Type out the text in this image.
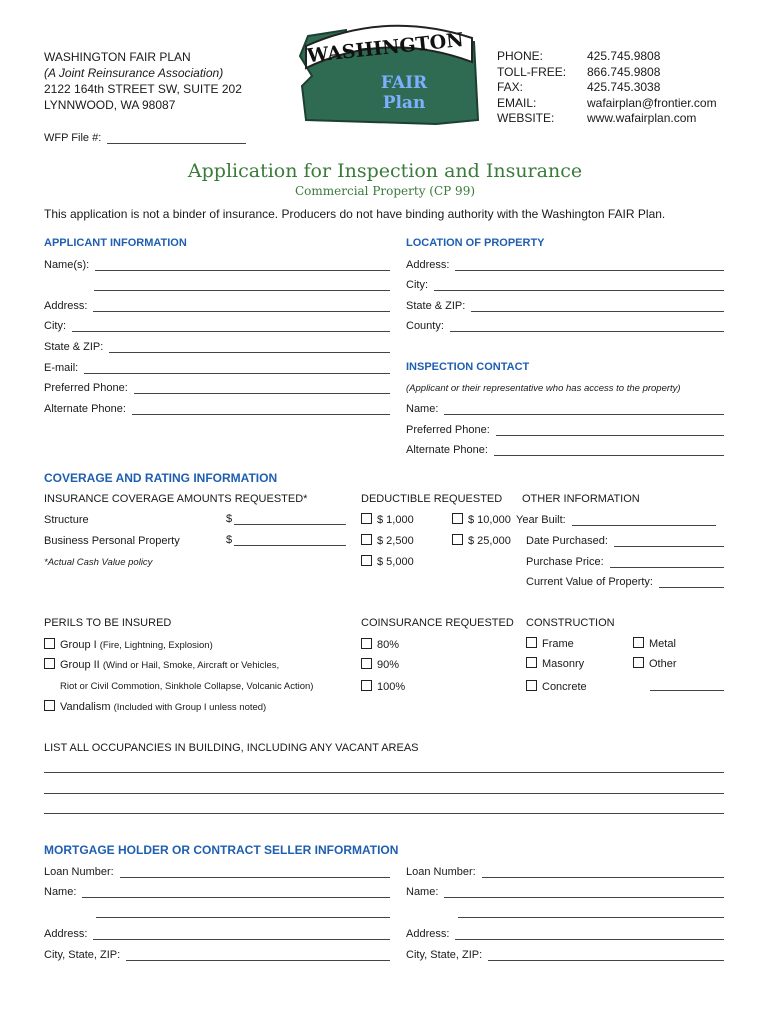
WASHINGTON FAIR PLAN
(A Joint Reinsurance Association)
2122 164th STREET SW, SUITE 202
LYNNWOOD, WA 98087
WASHINGTON
FAIR
Plan
PHONE:	425.745.9808
TOLL-FREE:	866.745.9808
FAX:	425.745.3038
EMAIL:	wafairplan@frontier.com
WEBSITE:	www.wafairplan.com
WFP File #:
Application for Inspection and Insurance
Commercial Property (CP 99)
This application is not a binder of insurance. Producers do not have binding authority with the Washington FAIR Plan.
APPLICANT INFORMATION
Name(s):
Address:
City:
State & ZIP:
E-mail:
Preferred Phone:
Alternate Phone:
LOCATION OF PROPERTY
Address:
City:
State & ZIP:
County:
INSPECTION CONTACT
(Applicant or their representative who has access to the property)
Name:
Preferred Phone:
Alternate Phone:
COVERAGE AND RATING INFORMATION
INSURANCE COVERAGE AMOUNTS REQUESTED*
Structure	$
Business Personal Property	$
*Actual Cash Value policy
DEDUCTIBLE REQUESTED
$ 1,000
$ 2,500
$ 5,000
$ 10,000
$ 25,000
OTHER INFORMATION
Year Built:
Date Purchased:
Purchase Price:
Current Value of Property:
PERILS TO BE INSURED
Group I (Fire, Lightning, Explosion)
Group II (Wind or Hail, Smoke, Aircraft or Vehicles,
Riot or Civil Commotion, Sinkhole Collapse, Volcanic Action)
Vandalism (Included with Group I unless noted)
COINSURANCE REQUESTED
80%
90%
100%
CONSTRUCTION
Frame
Masonry
Concrete
Metal
Other
LIST ALL OCCUPANCIES IN BUILDING, INCLUDING ANY VACANT AREAS
MORTGAGE HOLDER OR CONTRACT SELLER INFORMATION
Loan Number:
Name:
Address:
City, State, ZIP:
Loan Number:
Name:
Address:
City, State, ZIP:
